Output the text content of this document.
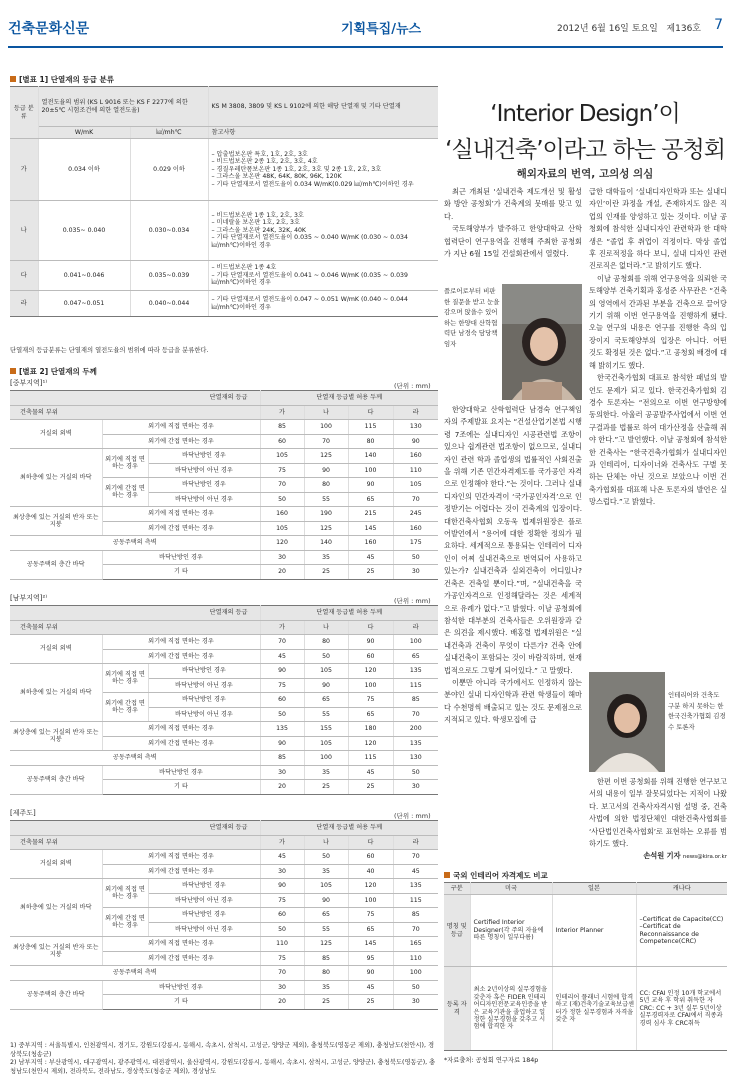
건축문화신문	기획특집/뉴스	2012년 6월 16일 토요일 제136호 7
[별표 1] 단열재의 등급 분류
등급 분류	열전도율의 범위 (KS L 9016 또는 KS F 2277에 의한 20±5℃ 시험조건에 의한 열전도율)		KS M 3808, 3809 및 KS L 9102에 의한 해당 단열재 및 기타 단열재
	W/mK	㎉/mh℃	참고사항
가	0.034 이하	0.029 이하	– 압출법보온판 특호, 1호, 2호, 3호
– 비드법보온판 2종 1호, 2호, 3호, 4호
– 경질우레탄폼보온판 1종 1호, 2호, 3호 및 2종 1호, 2호, 3호
– 그라스울 보온판 48K, 64K, 80K, 96K, 120K
– 기타 단열재로서 열전도율이 0.034 W/mK(0.029 ㎉/mh℃)이하인 경우

나	0.035~ 0.040	0.030~0.034	– 비드법보온판 1종 1호, 2호, 3호
– 미네랄울 보온판 1호, 2호, 3호
– 그라스울 보온판 24K, 32K, 40K
– 기타 단열재로서 열전도율이 0.035 ~ 0.040 W/mK (0.030 ~ 0.034 ㎉/mh℃)이하인 경우

다	0.041~0.046	0.035~0.039	– 비드법보온판 1종 4호
– 기타 단열재로서 열전도율이 0.041 ~ 0.046 W/mK (0.035 ~ 0.039 ㎉/mh℃)이하인 경우

라	0.047~0.051	0.040~0.044	– 기타 단열재로서 열전도율이 0.047 ~ 0.051 W/mK (0.040 ~ 0.044 ㎉/mh℃)이하인 경우
단열재의 등급분류는 단열재의 열전도율의 범위에 따라 등급을 분류한다.
[별표 2] 단열재의 두께
[중부지역]¹⁾	(단위 : mm)
단열재의 등급			단열재 등급별 허용 두께			
건축물의 부위			가	나	다	라
거실의 외벽	외기에 직접 면하는 경우		85	100	115	130
	외기에 간접 면하는 경우		60	70	80	90
최하층에 있는 거실의 바닥	외기에 직접 면하는 경우	바닥난방인 경우	105	125	140	160
		바닥난방이 아닌 경우	75	90	100	110
	외기에 간접 면하는 경우	바닥난방인 경우	70	80	90	105
		바닥난방이 아닌 경우	50	55	65	70
최상층에 있는 거실의 반자 또는 지붕	외기에 직접 면하는 경우		160	190	215	245
	외기에 간접 면하는 경우		105	125	145	160
공동주택의 측벽			120	140	160	175
공동주택의 층간 바닥	바닥난방인 경우		30	35	45	50
	기 타		20	25	25	30
[남부지역]²⁾	(단위 : mm)
단열재의 등급			단열재 등급별 허용 두께			
건축물의 부위			가	나	다	라
거실의 외벽	외기에 직접 면하는 경우		70	80	90	100
	외기에 간접 면하는 경우		45	50	60	65
최하층에 있는 거실의 바닥	외기에 직접 면하는 경우	바닥난방인 경우	90	105	120	135
		바닥난방이 아닌 경우	75	90	100	115
	외기에 간접 면하는 경우	바닥난방인 경우	60	65	75	85
		바닥난방이 아닌 경우	50	55	65	70
최상층에 있는 거실의 반자 또는 지붕	외기에 직접 면하는 경우		135	155	180	200
	외기에 간접 면하는 경우		90	105	120	135
공동주택의 측벽			85	100	115	130
공동주택의 층간 바닥	바닥난방인 경우		30	35	45	50
	기 타		20	25	25	30
[제주도]	(단위 : mm)
단열재의 등급			단열재 등급별 허용 두께			
건축물의 부위			가	나	다	라
거실의 외벽	외기에 직접 면하는 경우		45	50	60	70
	외기에 간접 면하는 경우		30	35	40	45
최하층에 있는 거실의 바닥	외기에 직접 면하는 경우	바닥난방인 경우	90	105	120	135
		바닥난방이 아닌 경우	75	90	100	115
	외기에 간접 면하는 경우	바닥난방인 경우	60	65	75	85
		바닥난방이 아닌 경우	50	55	65	70
최상층에 있는 거실의 반자 또는 지붕	외기에 직접 면하는 경우		110	125	145	165
	외기에 간접 면하는 경우		75	85	95	110
공동주택의 측벽			70	80	90	100
공동주택의 층간 바닥	바닥난방인 경우		30	35	45	50
	기 타		20	25	25	30
1) 중부지역 : 서울특별시, 인천광역시, 경기도, 강원도(강릉시, 동해시, 속초시, 삼척시, 고성군, 양양군 제외), 충청북도(영동군 제외), 충청남도(천안시), 경상북도(청송군)
2) 남부지역 : 부산광역시, 대구광역시, 광주광역시, 대전광역시, 울산광역시, 강원도(강릉시, 동해시, 속초시, 삼척시, 고성군, 양양군), 충청북도(영동군), 충청남도(천안시 제외), 전라북도, 전라남도, 경상북도(청송군 제외), 경상남도
‘Interior Design’이
‘실내건축’이라고 하는 공청회
해외자료의 번역, 고의성 의심

최근 개최된 ‘실내건축 제도개선 및 활성화 방안 공청회’가 건축계의 뭇매를 맞고 있다.

국토해양부가 발주하고 한양대학교 산학협력단이 연구용역을 진행해 주최한 공청회가 지난 6월 15일 건설회관에서 열렸다.

플로어로부터 비판한 질문을 받고 눈을 감으며 앉을수 있어 하는 한양대 산학협력단 남경숙 담당책임자

한양대학교 산학협력단 남경숙 연구책임자의 주제발표 요지는 “건설산업기본법 시행령 7조에는 실내디자인 시공관련법 조항이 있으나 쉽게관련 법조항이 없으므로, 실내디자인 관련 학과 졸업생의 법률적인 사회진출을 위해 기존 민간자격제도를 국가공인 자격으로 인정해야 한다.”는 것이다. 그러나 실내디자인의 민간자격이 ‘국가공인자격’으로 인정받기는 어렵다는 것이 건축계의 입장이다. 대한건축사협회 오동욱 법제위원장은 플로어발언에서 “용어에 대한 정확한 정의가 필요하다. 세계적으로 통용되는 인테리어 디자인이 어찌 실내건축으로 번역되어 사용하고 있는가? 실내건축과 실외건축이 어디있나? 건축은 건축일 뿐이다.”며, “실내건축을 국가공인자격으로 인정해달라는 것은 세계적으로 유례가 없다.”고 밝혔다. 이날 공청회에 참석한 대부분의 건축사들은 오위원장과 같은 의견을 제시했다. 배홍렬 법제위원은 “실내건축과 건축이 무엇이 다른가? 건축 안에 실내건축이 포함되는 것이 바람직하며, 현재 법적으로도 그렇게 되어있다.” 고 말했다.

이뿐만 아니라 국가에서도 인정하지 않는 분야인 실내 디자인학과 관련 학생들이 해마다 수천명씩 배출되고 있는 것도 문제점으로 지적되고 있다. 학생모집에 급

급한 대학들이 ‘실내디자인학과 또는 실내디자인’이란 과정을 개설, 존재하지도 않은 직업의 인재를 양성하고 있는 것이다. 이날 공청회에 참석한 실내디자인 관련학과 한 대학생은 “졸업 후 취업이 걱정이다. 막상 졸업 후 진로적정을 하다 보니, 실내 디자인 관련 진로직은 없더라.”고 밝히기도 했다.

이날 공청회를 위해 연구용역을 의뢰한 국토해양부 건축기획과 홍성준 사무관은 “건축의 영역에서 간과된 부분을 건축으로 끌어당기기 위해 이번 연구용역을 진행하게 됐다. 오늘 연구의 내용은 연구를 진행한 측의 입장이지 국토해양부의 입장은 아니다. 어떤 것도 확정된 것은 없다.”고 공청회 배경에 대해 밝히기도 했다.

한국건축가협회 대표로 참석한 패널의 발언도 문제가 되고 있다. 한국건축가협회 김경수 토론자는 “전의으로 이번 연구방향에 동의한다. 아울러 공공발주사업에서 이번 연구결과를 법률로 하여 대가산정을 산출해 줘야 한다.”고 발언했다. 이날 공청회에 참석한 한 건축사는 “한국건축가협회가 실내디자인과 인테리어, 디자이너와 건축사도 구별 못하는 단체는 아닌 것으로 보았으나 이번 건축가협회를 대표해 나온 토론자의 발언은 실망스럽다.”고 밝혔다.

인테리어와 건축도 구분 하지 못하는 한 한국건축가협회 김경수 토론자

한편 이번 공청회를 위해 진행한 연구보고서의 내용이 일부 잘못되었다는 지적이 나왔다. 보고서의 건축사자격시험 설명 중, 건축사법에 의한 법정단체인 대한건축사협회를 ‘사단법인건축사협회’로 표현하는 오류를 범하기도 했다.

손석원 기자 news@kira.or.kr

국외 인테리어 자격제도 비교
구분	미국	일본	캐나다
명칭 및 등급	Certified Interior Designer(각 주의 자율에 따른 명칭이 일부다름)	Interior Planner	–Certificat de Capacite(CC)
–Certificat de Reconnaissance de Competence(CRC)

등록 자격	최소 2년이상의 실무경험을 갖춘자 혹은 FIDER 인테리어디자인전문교육인증을 받은 교육기관을 졸업하고 일정한 실무경험을 갖추고 시험에 합격한 자	인테리어 플래너 시험에 합격하고 (재)건축기술교육보급센터가 정한 실무경험과 자격을 갖춘 자	CC: CFAI 인정 10개 학교에서 5년 교육 후 학위 취득한 자 CRC: CC + 3년 실무 5년이상 실무경력자로 CFAI에서 직종과 경력 심사 후 CRC취득
*자료출처: 공청회 연구자료 184p
